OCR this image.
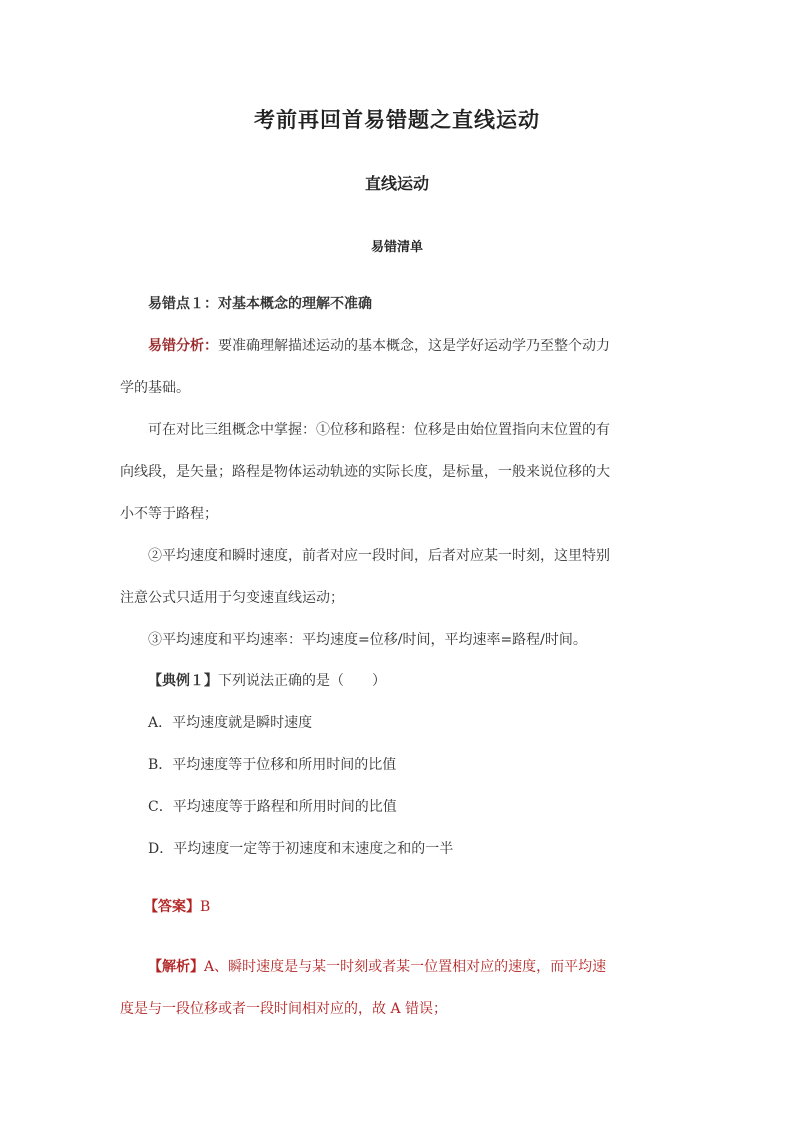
考前再回首易错题之直线运动
直线运动
易错清单
易错点１：对基本概念的理解不准确
易错分析：要准确理解描述运动的基本概念，这是学好运动学乃至整个动力
学的基础。
可在对比三组概念中掌握：①位移和路程：位移是由始位置指向末位置的有
向线段，是矢量；路程是物体运动轨迹的实际长度，是标量，一般来说位移的大
小不等于路程；
②平均速度和瞬时速度，前者对应一段时间，后者对应某一时刻，这里特别
注意公式只适用于匀变速直线运动；
③平均速度和平均速率：平均速度=位移/时间，平均速率=路程/时间。
【典例１】下列说法正确的是（　　）
A．平均速度就是瞬时速度
B．平均速度等于位移和所用时间的比值
C．平均速度等于路程和所用时间的比值
D．平均速度一定等于初速度和末速度之和的一半
【答案】B
【解析】A、瞬时速度是与某一时刻或者某一位置相对应的速度，而平均速
度是与一段位移或者一段时间相对应的，故 A 错误；
